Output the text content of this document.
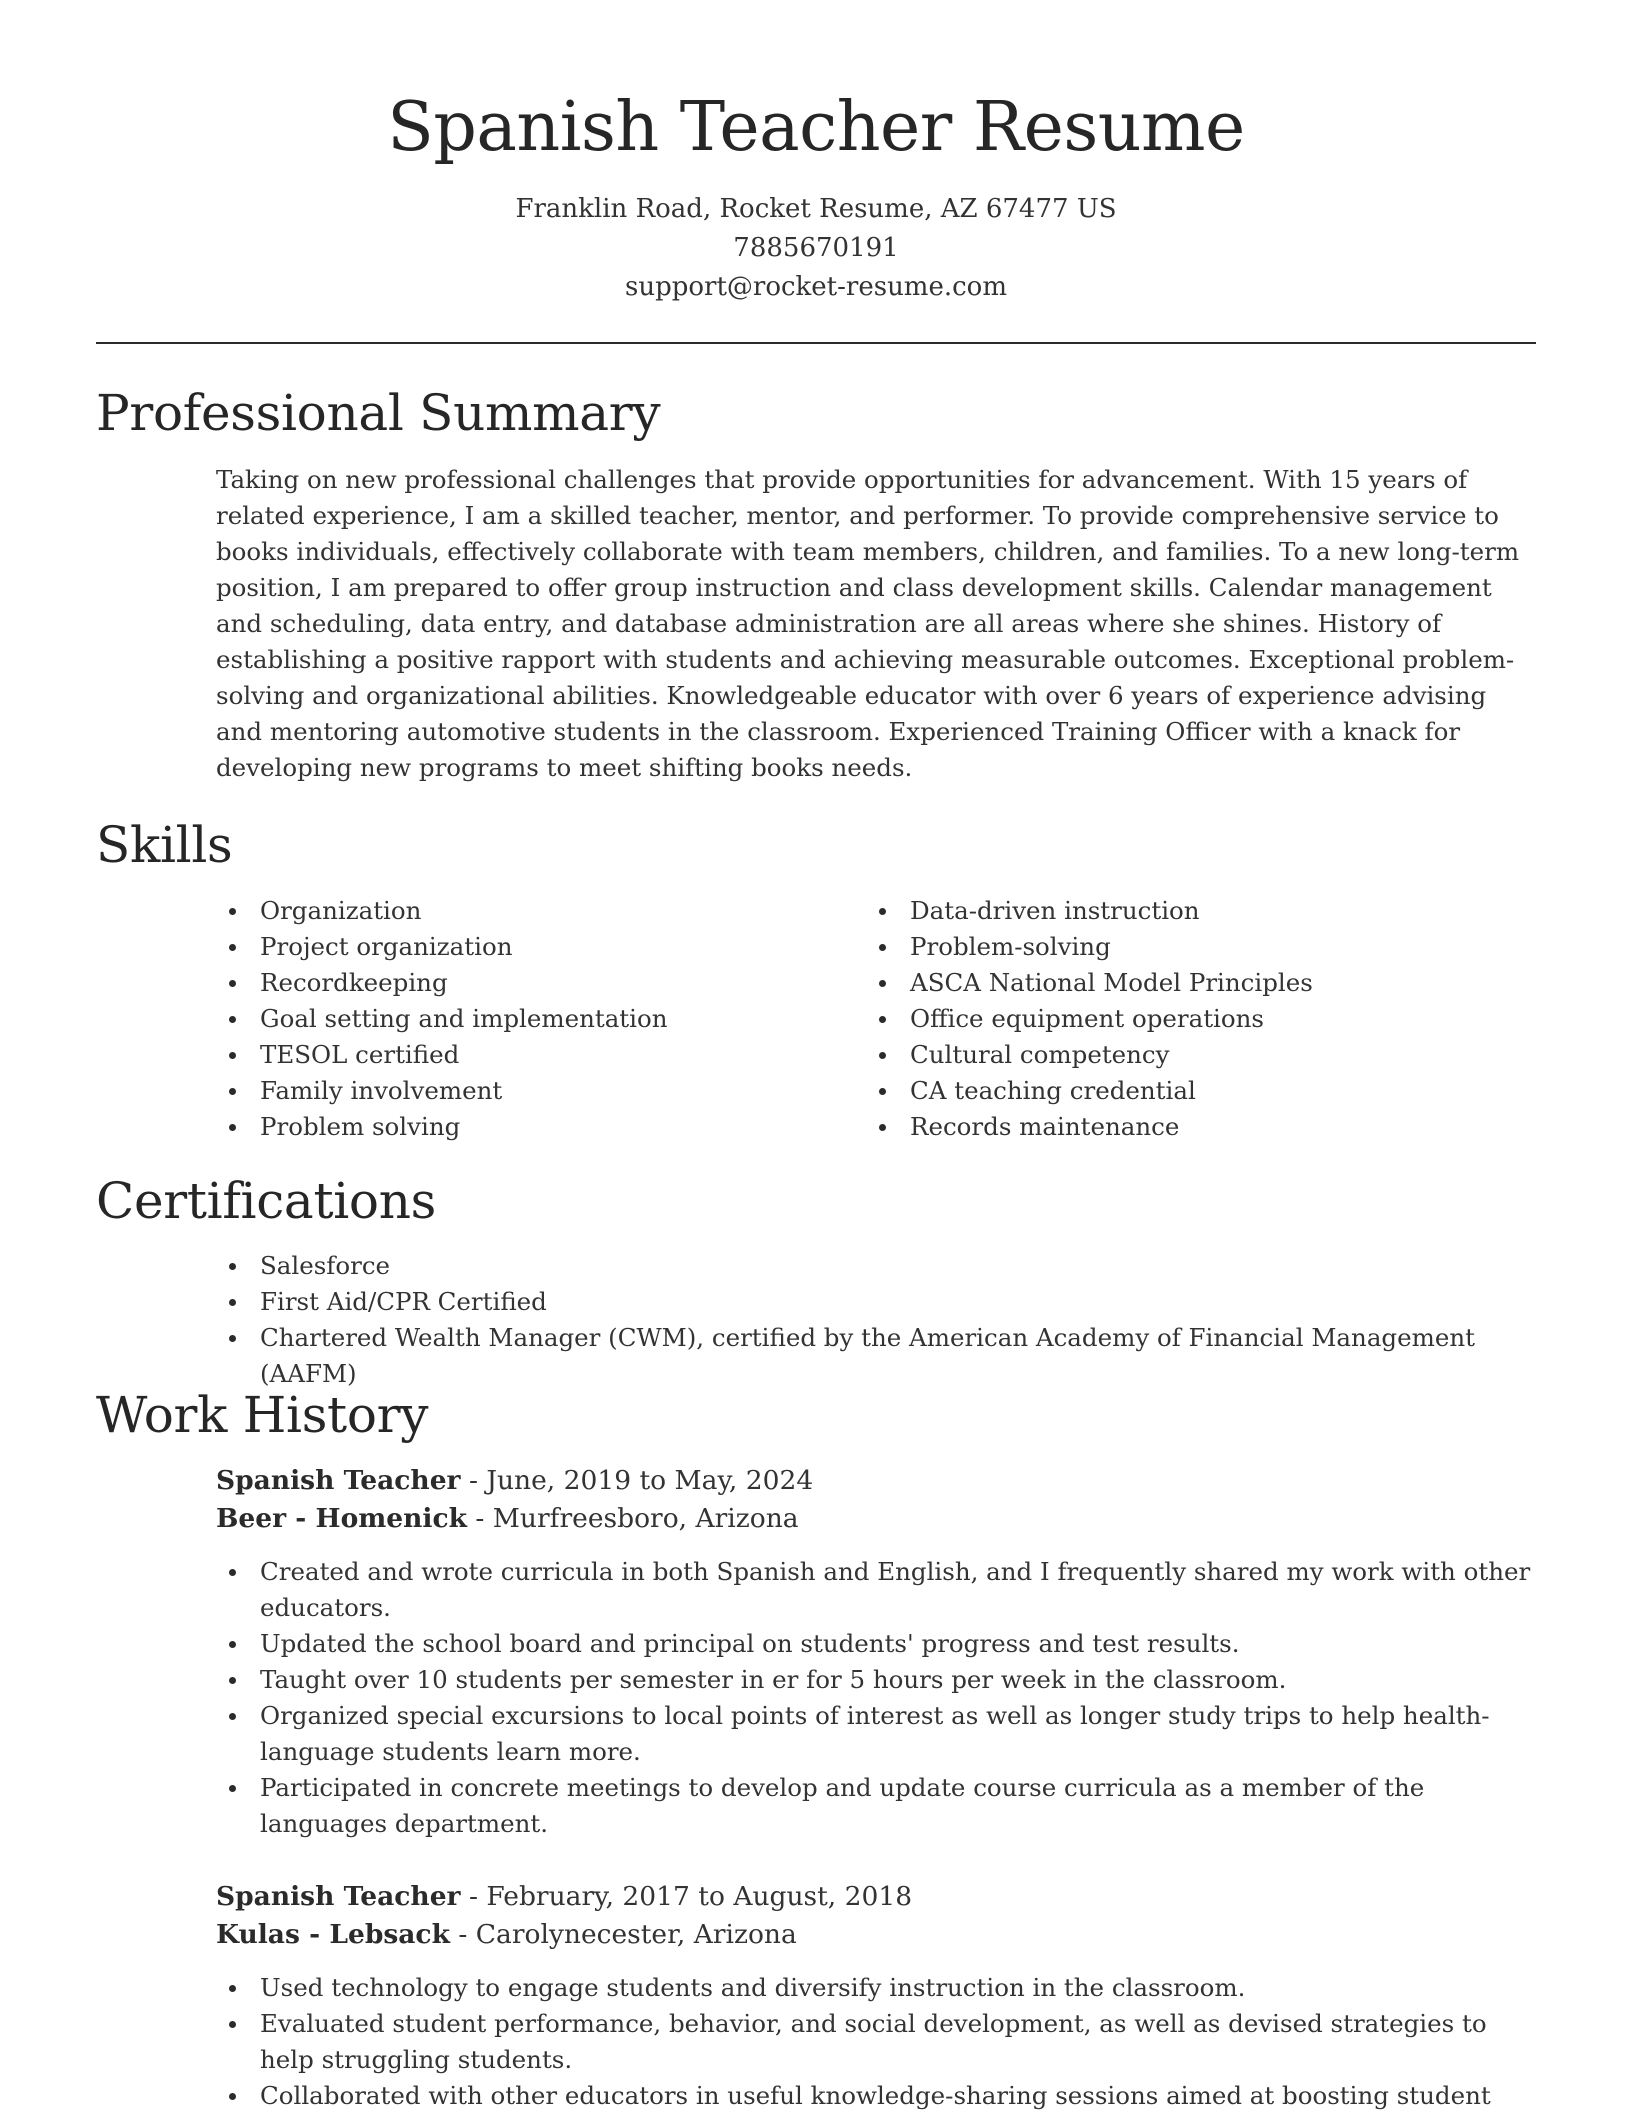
Spanish Teacher Resume
Franklin Road, Rocket Resume, AZ 67477 US
7885670191
support@rocket-resume.com
Professional Summary

Taking on new professional challenges that provide opportunities for advancement. With 15 years of related experience, I am a skilled teacher, mentor, and performer. To provide comprehensive service to books individuals, effectively collaborate with team members, children, and families. To a new long-term position, I am prepared to offer group instruction and class development skills. Calendar management and scheduling, data entry, and database administration are all areas where she shines. History of establishing a positive rapport with students and achieving measurable outcomes. Exceptional problem-solving and organizational abilities. Knowledgeable educator with over 6 years of experience advising and mentoring automotive students in the classroom. Experienced Training Officer with a knack for developing new programs to meet shifting books needs.

Skills
Organization
Project organization
Recordkeeping
Goal setting and implementation
TESOL certified
Family involvement
Problem solving
Data-driven instruction
Problem-solving
ASCA National Model Principles
Office equipment operations
Cultural competency
CA teaching credential
Records maintenance
Certifications
Salesforce
First Aid/CPR Certified
Chartered Wealth Manager (CWM), certified by the American Academy of Financial Management (AAFM)
Work History

Spanish Teacher - June, 2019 to May, 2024

Beer - Homenick - Murfreesboro, Arizona

Created and wrote curricula in both Spanish and English, and I frequently shared my work with other educators.
Updated the school board and principal on students' progress and test results.
Taught over 10 students per semester in er for 5 hours per week in the classroom.
Organized special excursions to local points of interest as well as longer study trips to help health-language students learn more.
Participated in concrete meetings to develop and update course curricula as a member of the languages department.

Spanish Teacher - February, 2017 to August, 2018

Kulas - Lebsack - Carolynecester, Arizona

Used technology to engage students and diversify instruction in the classroom.
Evaluated student performance, behavior, and social development, as well as devised strategies to help struggling students.
Collaborated with other educators in useful knowledge-sharing sessions aimed at boosting student
